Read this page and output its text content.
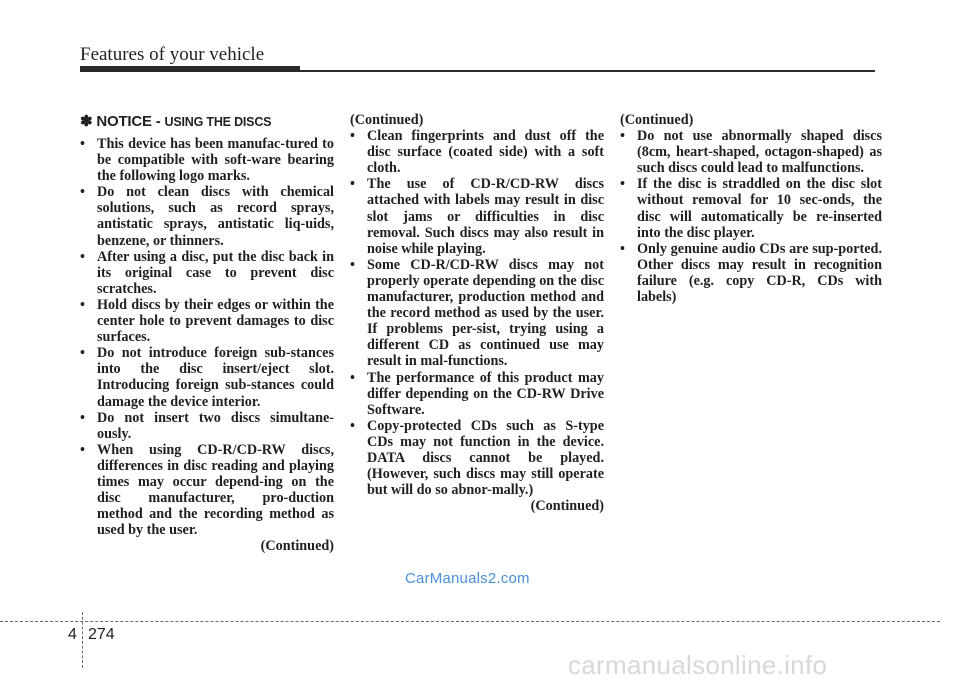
Features of your vehicle
✽ NOTICE - USING THE DISCS
• This device has been manufac-tured to be compatible with soft-ware bearing the following logo marks.
• Do not clean discs with chemical solutions, such as record sprays, antistatic sprays, antistatic liq-uids, benzene, or thinners.
• After using a disc, put the disc back in its original case to prevent disc scratches.
• Hold discs by their edges or within the center hole to prevent damages to disc surfaces.
• Do not introduce foreign sub-stances into the disc insert/eject slot. Introducing foreign sub-stances could damage the device interior.
• Do not insert two discs simultane-ously.
• When using CD-R/CD-RW discs, differences in disc reading and playing times may occur depend-ing on the disc manufacturer, pro-duction method and the recording method as used by the user.
(Continued)
(Continued)
• Clean fingerprints and dust off the disc surface (coated side) with a soft cloth.
• The use of CD-R/CD-RW discs attached with labels may result in disc slot jams or difficulties in disc removal. Such discs may also result in noise while playing.
• Some CD-R/CD-RW discs may not properly operate depending on the disc manufacturer, production method and the record method as used by the user. If problems per-sist, trying using a different CD as continued use may result in mal-functions.
• The performance of this product may differ depending on the CD-RW Drive Software.
• Copy-protected CDs such as S-type CDs may not function in the device. DATA discs cannot be played. (However, such discs may still operate but will do so abnor-mally.)
(Continued)
(Continued)
• Do not use abnormally shaped discs (8cm, heart-shaped, octagon-shaped) as such discs could lead to malfunctions.
• If the disc is straddled on the disc slot without removal for 10 sec-onds, the disc will automatically be re-inserted into the disc player.
• Only genuine audio CDs are sup-ported. Other discs may result in recognition failure (e.g. copy CD-R, CDs with labels)
CarManuals2.com
4 274
carmanualsonline.info
